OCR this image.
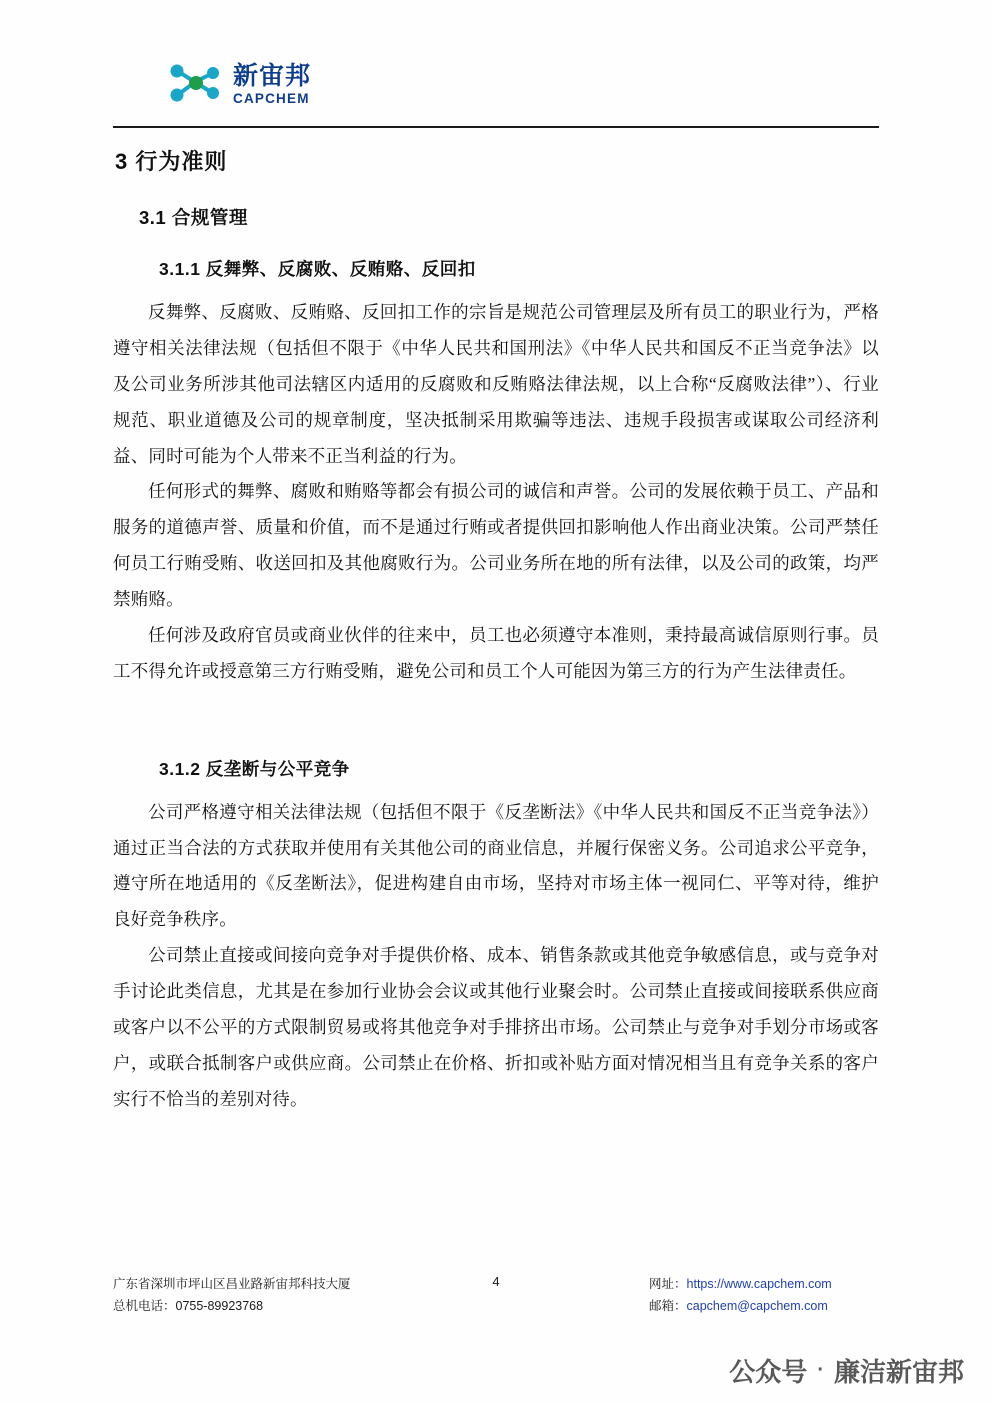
新宙邦
CAPCHEM
3 行为准则
3.1 合规管理
3.1.1 反舞弊、反腐败、反贿赂、反回扣

反舞弊、反腐败、反贿赂、反回扣工作的宗旨是规范公司管理层及所有员工的职业行为，严格遵守相关法律法规（包括但不限于《中华人民共和国刑法》《中华人民共和国反不正当竞争法》以及公司业务所涉其他司法辖区内适用的反腐败和反贿赂法律法规，以上合称“反腐败法律”）、行业规范、职业道德及公司的规章制度，坚决抵制采用欺骗等违法、违规手段损害或谋取公司经济利益、同时可能为个人带来不正当利益的行为。

任何形式的舞弊、腐败和贿赂等都会有损公司的诚信和声誉。公司的发展依赖于员工、产品和服务的道德声誉、质量和价值，而不是通过行贿或者提供回扣影响他人作出商业决策。公司严禁任何员工行贿受贿、收送回扣及其他腐败行为。公司业务所在地的所有法律，以及公司的政策，均严禁贿赂。

任何涉及政府官员或商业伙伴的往来中，员工也必须遵守本准则，秉持最高诚信原则行事。员工不得允许或授意第三方行贿受贿，避免公司和员工个人可能因为第三方的行为产生法律责任。

3.1.2 反垄断与公平竞争

公司严格遵守相关法律法规（包括但不限于《反垄断法》《中华人民共和国反不正当竞争法》）通过正当合法的方式获取并使用有关其他公司的商业信息，并履行保密义务。公司追求公平竞争，遵守所在地适用的《反垄断法》，促进构建自由市场，坚持对市场主体一视同仁、平等对待，维护良好竞争秩序。

公司禁止直接或间接向竞争对手提供价格、成本、销售条款或其他竞争敏感信息，或与竞争对手讨论此类信息，尤其是在参加行业协会会议或其他行业聚会时。公司禁止直接或间接联系供应商或客户以不公平的方式限制贸易或将其他竞争对手排挤出市场。公司禁止与竞争对手划分市场或客户，或联合抵制客户或供应商。公司禁止在价格、折扣或补贴方面对情况相当且有竞争关系的客户实行不恰当的差别对待。

广东省深圳市坪山区昌业路新宙邦科技大厦
总机电话：0755-89923768
4	网址：https://www.capchem.com
邮箱：capchem@capchem.com
公众号 · 廉洁新宙邦
